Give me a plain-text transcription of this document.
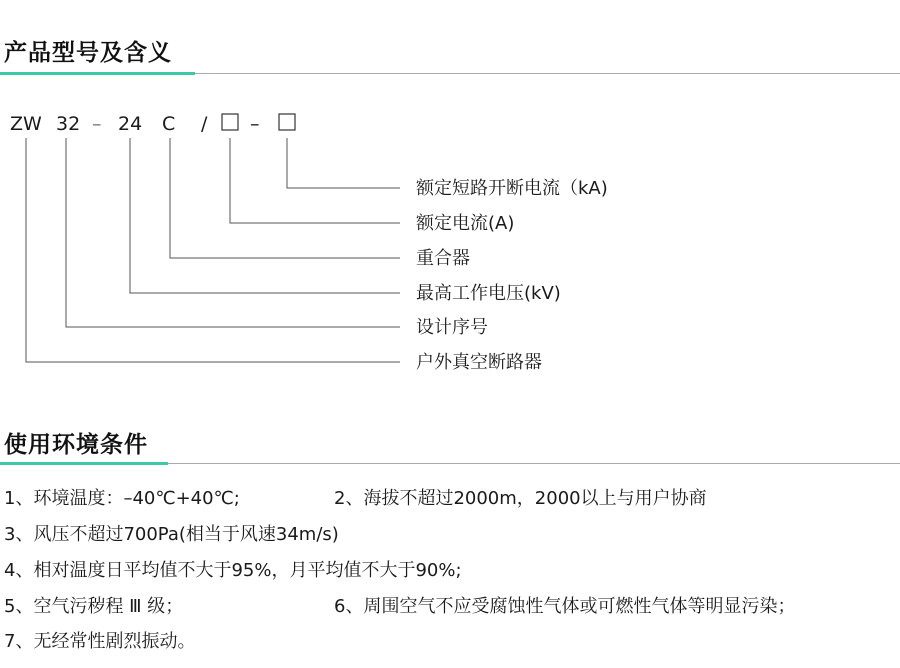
产品型号及含义
ZW 32 – 24 C / –
额定短路开断电流（kA)
额定电流(A)
重合器
最高工作电压(kV)
设计序号
户外真空断路器
使用环境条件
1、环境温度：–40℃+40℃;	2、海拔不超过2000m，2000以上与用户协商
3、风压不超过700Pa(相当于风速34m/s)
4、相对温度日平均值不大于95%，月平均值不大于90%;
5、空气污秽程 Ⅲ 级；	6、周围空气不应受腐蚀性气体或可燃性气体等明显污染；
7、无经常性剧烈振动。
